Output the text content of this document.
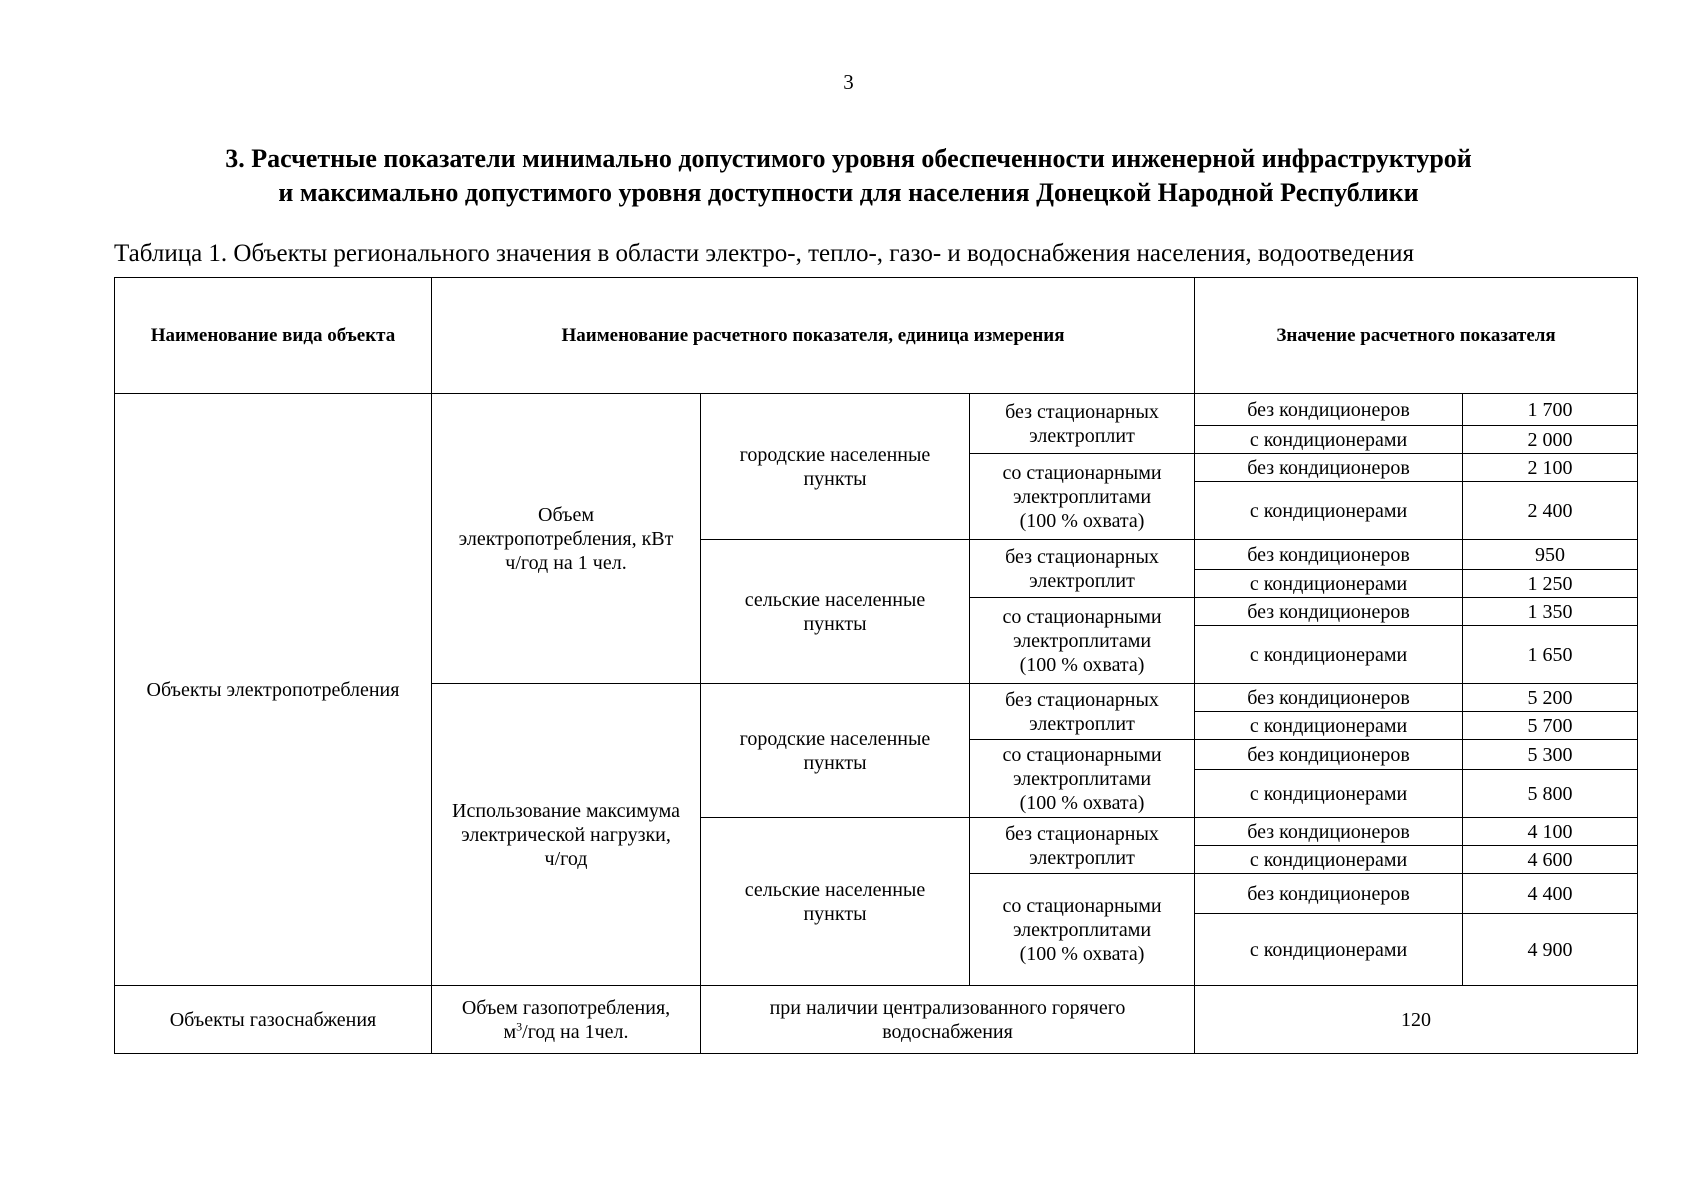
3
3. Расчетные показатели минимально допустимого уровня обеспеченности инженерной инфраструктурой
и максимально допустимого уровня доступности для населения Донецкой Народной Республики
Таблица 1. Объекты регионального значения в области электро-, тепло-, газо- и водоснабжения населения, водоотведения
Наименование вида объекта	Наименование расчетного показателя, единица измерения			Значение расчетного показателя	
Объекты электропотребления	Объем
электропотребления, кВт
ч/год на 1 чел.	городские населенные
пункты	без стационарных
электроплит	без кондиционеров	1 700
				с кондиционерами	2 000

			со стационарными
электроплитами
(100 % охвата)	без кондиционеров	2 100
				с кондиционерами	2 400

		сельские населенные
пункты	без стационарных
электроплит	без кондиционеров	950
				с кондиционерами	1 250

			со стационарными
электроплитами
(100 % охвата)	без кондиционеров	1 350
				с кондиционерами	1 650

	Использование максимума
электрической нагрузки,
ч/год	городские населенные
пункты	без стационарных
электроплит	без кондиционеров	5 200
				с кондиционерами	5 700

			со стационарными
электроплитами
(100 % охвата)	без кондиционеров	5 300
				с кондиционерами	5 800

		сельские населенные
пункты	без стационарных
электроплит	без кондиционеров	4 100
				с кондиционерами	4 600

			со стационарными
электроплитами
(100 % охвата)	без кондиционеров	4 400
				с кондиционерами	4 900

Объекты газоснабжения	Объем газопотребления,
$м^3$/год на 1чел.	при наличии централизованного горячего
водоснабжения		120	
